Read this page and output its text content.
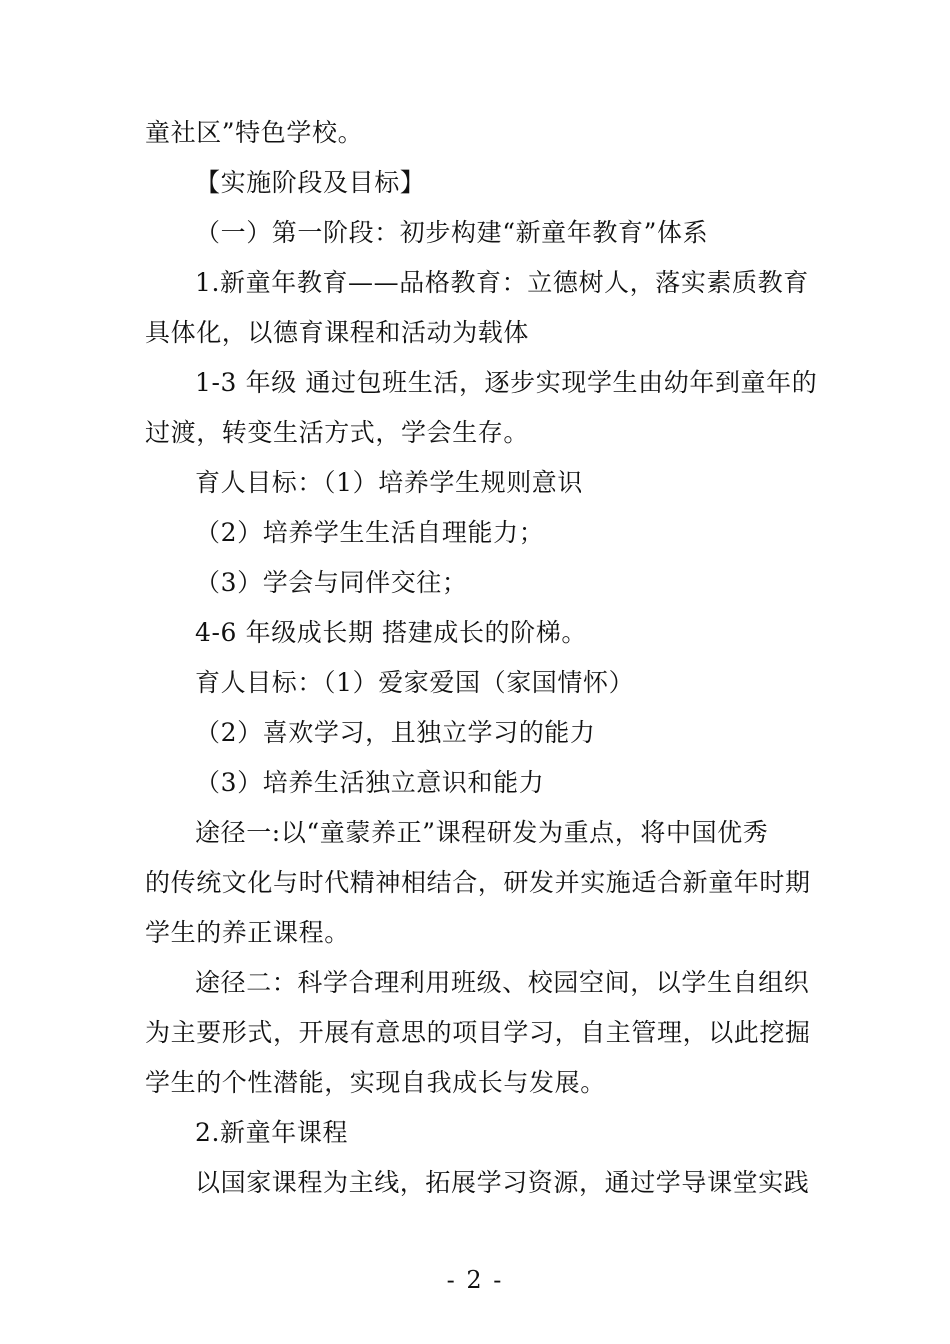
童社区”特色学校。
【实施阶段及目标】
（一）第一阶段：初步构建“新童年教育”体系
1.新童年教育——品格教育：立德树人，落实素质教育
具体化，以德育课程和活动为载体
1-3 年级 通过包班生活，逐步实现学生由幼年到童年的
过渡，转变生活方式，学会生存。
育人目标：（1）培养学生规则意识
（2）培养学生生活自理能力；
（3）学会与同伴交往；
4-6 年级成长期 搭建成长的阶梯。
育人目标：（1）爱家爱国（家国情怀）
（2）喜欢学习，且独立学习的能力
（3）培养生活独立意识和能力
途径一:以“童蒙养正”课程研发为重点，将中国优秀
的传统文化与时代精神相结合，研发并实施适合新童年时期
学生的养正课程。
途径二：科学合理利用班级、校园空间，以学生自组织
为主要形式，开展有意思的项目学习，自主管理，以此挖掘
学生的个性潜能，实现自我成长与发展。
2.新童年课程
以国家课程为主线，拓展学习资源，通过学导课堂实践
- 2 -
